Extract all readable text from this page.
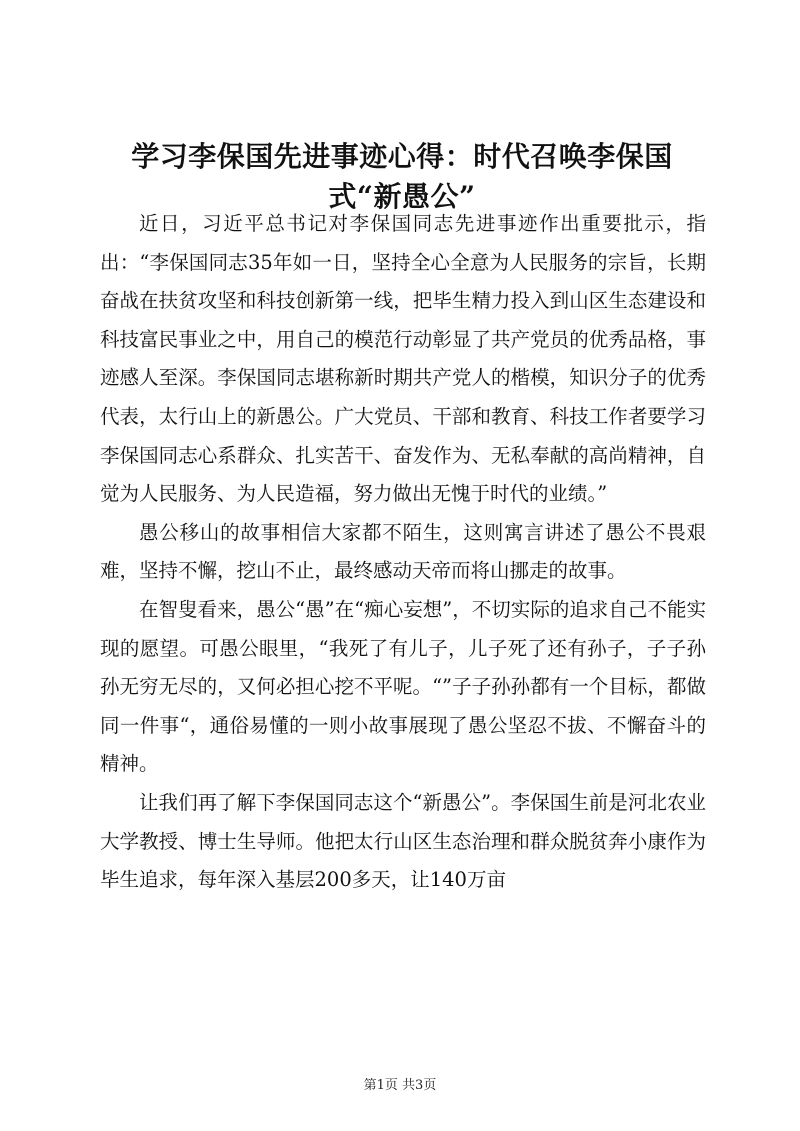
学习李保国先进事迹心得：时代召唤李保国式“新愚公”

近日，习近平总书记对李保国同志先进事迹作出重要批示，指出：“李保国同志35年如一日，坚持全心全意为人民服务的宗旨，长期奋战在扶贫攻坚和科技创新第一线，把毕生精力投入到山区生态建设和科技富民事业之中，用自己的模范行动彰显了共产党员的优秀品格，事迹感人至深。李保国同志堪称新时期共产党人的楷模，知识分子的优秀代表，太行山上的新愚公。广大党员、干部和教育、科技工作者要学习李保国同志心系群众、扎实苦干、奋发作为、无私奉献的高尚精神，自觉为人民服务、为人民造福，努力做出无愧于时代的业绩。”

愚公移山的故事相信大家都不陌生，这则寓言讲述了愚公不畏艰难，坚持不懈，挖山不止，最终感动天帝而将山挪走的故事。

在智叟看来，愚公“愚”在“痴心妄想”，不切实际的追求自己不能实现的愿望。可愚公眼里，“我死了有儿子，儿子死了还有孙子，子子孙孙无穷无尽的，又何必担心挖不平呢。“”子子孙孙都有一个目标，都做同一件事“，通俗易懂的一则小故事展现了愚公坚忍不拔、不懈奋斗的精神。

让我们再了解下李保国同志这个“新愚公”。李保国生前是河北农业大学教授、博士生导师。他把太行山区生态治理和群众脱贫奔小康作为毕生追求，每年深入基层200多天，让140万亩

第1页 共3页
